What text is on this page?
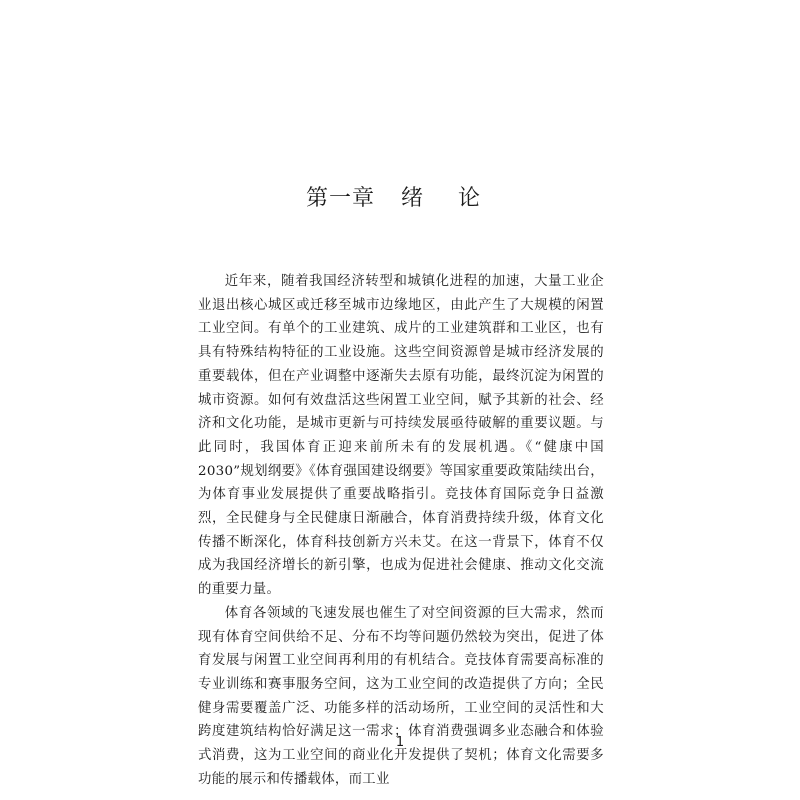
第一章 绪 论

近年来，随着我国经济转型和城镇化进程的加速，大量工业企业退出核心城区或迁移至城市边缘地区，由此产生了大规模的闲置工业空间。有单个的工业建筑、成片的工业建筑群和工业区，也有具有特殊结构特征的工业设施。这些空间资源曾是城市经济发展的重要载体，但在产业调整中逐渐失去原有功能，最终沉淀为闲置的城市资源。如何有效盘活这些闲置工业空间，赋予其新的社会、经济和文化功能，是城市更新与可持续发展亟待破解的重要议题。与此同时，我国体育正迎来前所未有的发展机遇。《“健康中国 2030”规划纲要》《体育强国建设纲要》等国家重要政策陆续出台，为体育事业发展提供了重要战略指引。竞技体育国际竞争日益激烈，全民健身与全民健康日渐融合，体育消费持续升级，体育文化传播不断深化，体育科技创新方兴未艾。在这一背景下，体育不仅成为我国经济增长的新引擎，也成为促进社会健康、推动文化交流的重要力量。

体育各领域的飞速发展也催生了对空间资源的巨大需求，然而现有体育空间供给不足、分布不均等问题仍然较为突出，促进了体育发展与闲置工业空间再利用的有机结合。竞技体育需要高标准的专业训练和赛事服务空间，这为工业空间的改造提供了方向；全民健身需要覆盖广泛、功能多样的活动场所，工业空间的灵活性和大跨度建筑结构恰好满足这一需求；体育消费强调多业态融合和体验式消费，这为工业空间的商业化开发提供了契机；体育文化需要多功能的展示和传播载体，而工业

1
